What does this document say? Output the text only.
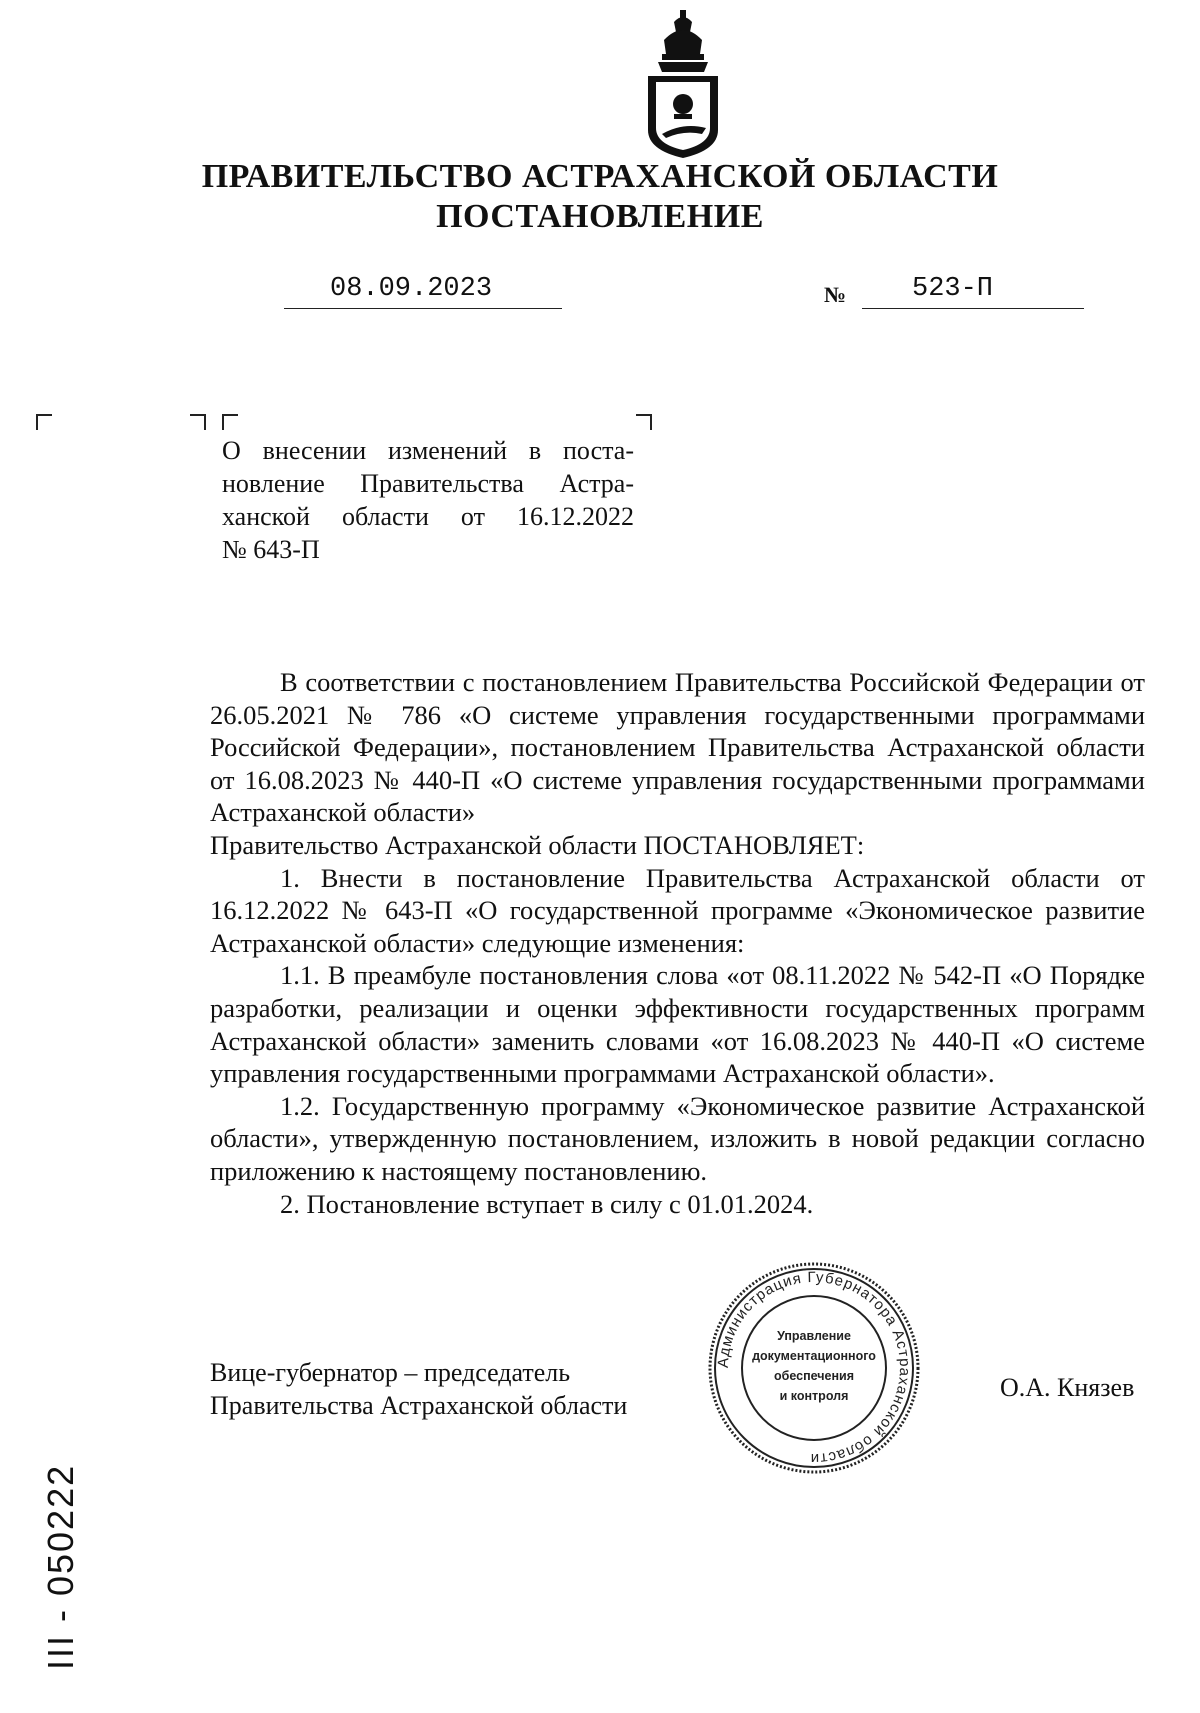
ПРАВИТЕЛЬСТВО АСТРАХАНСКОЙ ОБЛАСТИ
ПОСТАНОВЛЕНИЕ
08.09.2023	№ 523-П
О внесении изменений в поста-
новление Правительства Астра-
ханской области от 16.12.2022

№ 643-П

В соответствии с постановлением Правительства Российской Федерации от 26.05.2021 № 786 «О системе управления государственными программами Российской Федерации», постановлением Правительства Астраханской области от 16.08.2023 № 440-П «О системе управления государственными программами Астраханской области»

Правительство Астраханской области ПОСТАНОВЛЯЕТ:

1. Внести в постановление Правительства Астраханской области от 16.12.2022 № 643-П «О государственной программе «Экономическое развитие Астраханской области» следующие изменения:

1.1. В преамбуле постановления слова «от 08.11.2022 № 542-П «О Порядке разработки, реализации и оценки эффективности государственных программ Астраханской области» заменить словами «от 16.08.2023 № 440-П «О системе управления государственными программами Астраханской области».

1.2. Государственную программу «Экономическое развитие Астраханской области», утвержденную постановлением, изложить в новой редакции согласно приложению к настоящему постановлению.

2. Постановление вступает в силу с 01.01.2024.

Вице-губернатор – председатель
Правительства Астраханской области
Администрация Губернатора Астраханской области
Управление
документационного
обеспечения
и контроля	О.А. Князев
ІІІ - 050222
